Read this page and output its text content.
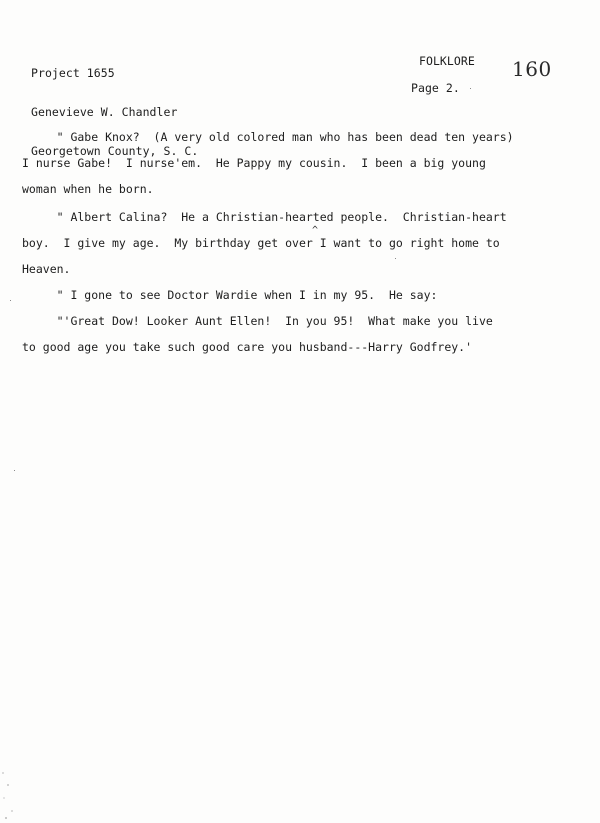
Project 1655

Genevieve W. Chandler

Georgetown County, S. C.

FOLKLORE
Page 2.
160
" Gabe Knox?  (A very old colored man who has been dead ten years)
I nurse Gabe!  I nurse'em.  He Pappy my cousin.  I been a big young
woman when he born.
" Albert Calina?  He a Christian-hearted people.  Christian-heart
boy.  I give my age.  My birthday get over I want to go right home to
Heaven.
" I gone to see Doctor Wardie when I in my 95.  He say:
"'Great Dow! Looker Aunt Ellen!  In you 95!  What make you live
to good age you take such good care you husband---Harry Godfrey.'
^
